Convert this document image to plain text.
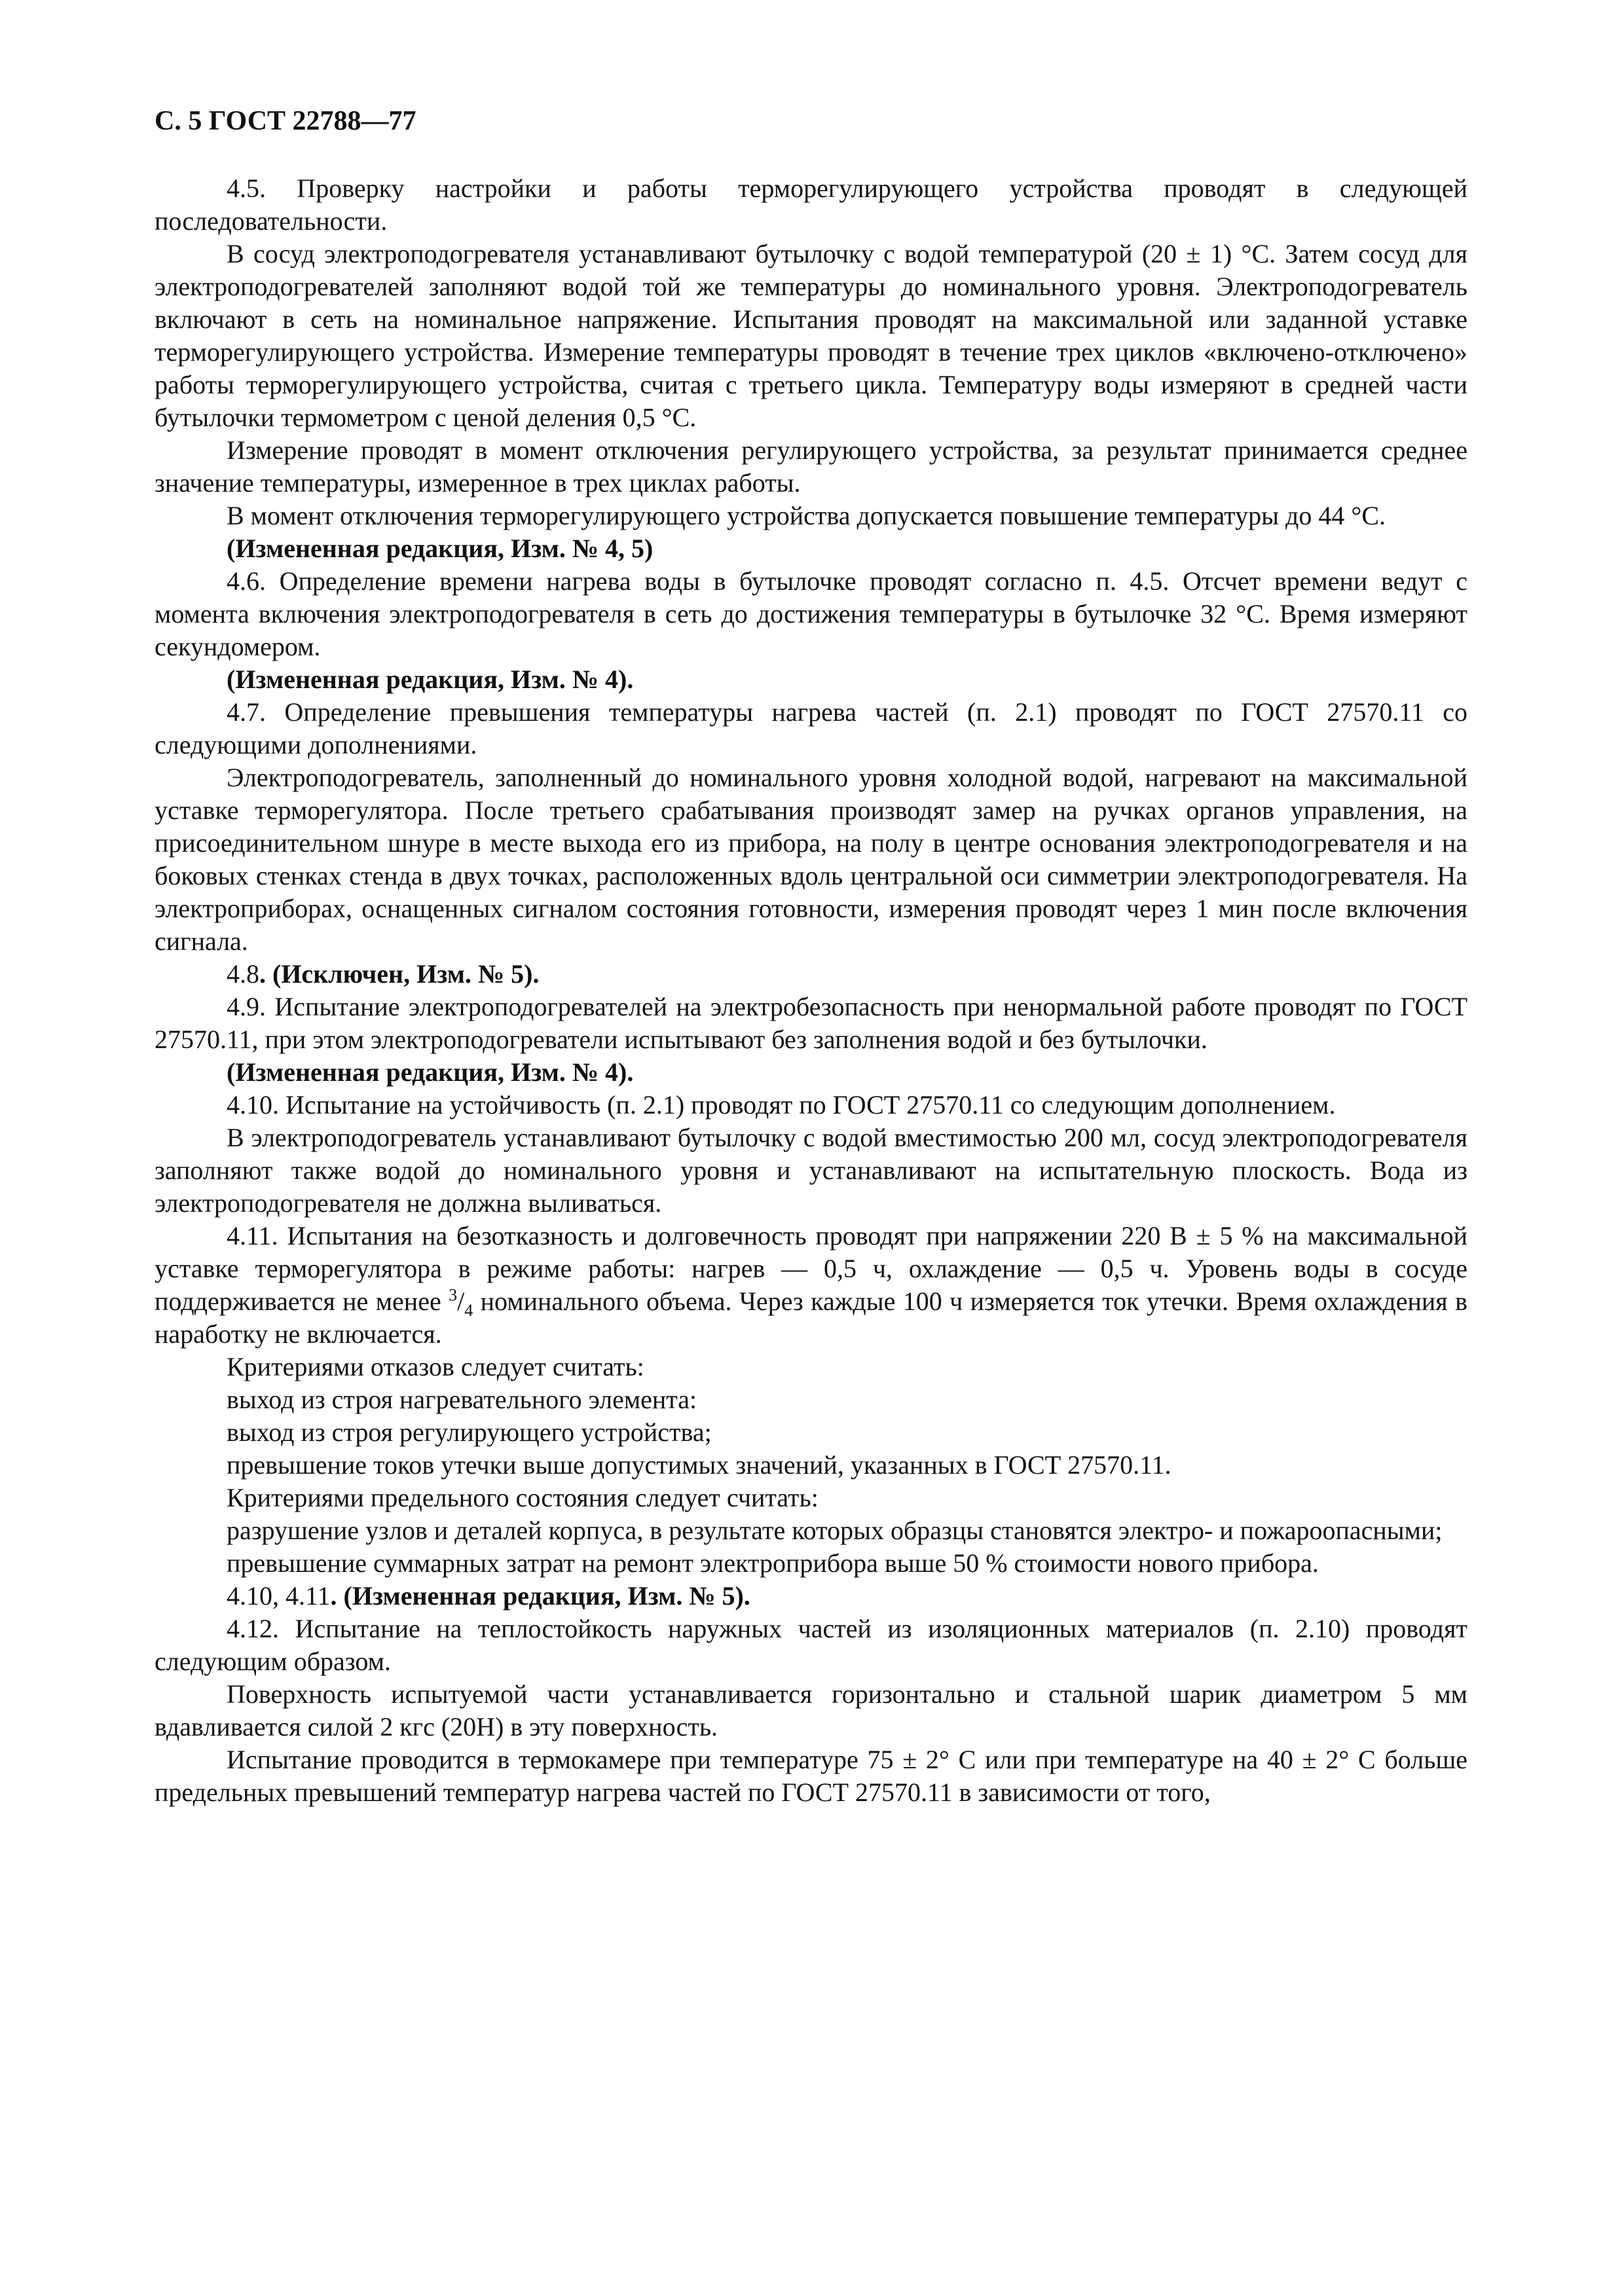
С. 5 ГОСТ 22788—77

4.5. Проверку настройки и работы терморегулирующего устройства проводят в следующей последовательности.

В сосуд электроподогревателя устанавливают бутылочку с водой температурой (20 ± 1) °С. Затем сосуд для электроподогревателей заполняют водой той же температуры до номинального уровня. Электроподогреватель включают в сеть на номинальное напряжение. Испытания проводят на максимальной или заданной уставке терморегулирующего устройства. Измерение температуры проводят в течение трех циклов «включено-отключено» работы терморегулирующего устройства, считая с третьего цикла. Температуру воды измеряют в средней части бутылочки термометром с ценой деления 0,5 °С.

Измерение проводят в момент отключения регулирующего устройства, за результат принимается среднее значение температуры, измеренное в трех циклах работы.

В момент отключения терморегулирующего устройства допускается повышение температуры до 44 °С.

(Измененная редакция, Изм. № 4, 5)

4.6. Определение времени нагрева воды в бутылочке проводят согласно п. 4.5. Отсчет времени ведут с момента включения электроподогревателя в сеть до достижения температуры в бутылочке 32 °С. Время измеряют секундомером.

(Измененная редакция, Изм. № 4).

4.7. Определение превышения температуры нагрева частей (п. 2.1) проводят по ГОСТ 27570.11 со следующими дополнениями.

Электроподогреватель, заполненный до номинального уровня холодной водой, нагревают на максимальной уставке терморегулятора. После третьего срабатывания производят замер на ручках органов управления, на присоединительном шнуре в месте выхода его из прибора, на полу в центре основания электроподогревателя и на боковых стенках стенда в двух точках, расположенных вдоль центральной оси симметрии электроподогревателя. На электроприборах, оснащенных сигналом состояния готовности, измерения проводят через 1 мин после включения сигнала.

4.8. (Исключен, Изм. № 5).

4.9. Испытание электроподогревателей на электробезопасность при ненормальной работе проводят по ГОСТ 27570.11, при этом электроподогреватели испытывают без заполнения водой и без бутылочки.

(Измененная редакция, Изм. № 4).

4.10. Испытание на устойчивость (п. 2.1) проводят по ГОСТ 27570.11 со следующим дополнением.

В электроподогреватель устанавливают бутылочку с водой вместимостью 200 мл, сосуд электроподогревателя заполняют также водой до номинального уровня и устанавливают на испытательную плоскость. Вода из электроподогревателя не должна выливаться.

4.11. Испытания на безотказность и долговечность проводят при напряжении 220 В ± 5 % на максимальной уставке терморегулятора в режиме работы: нагрев — 0,5 ч, охлаждение — 0,5 ч. Уровень воды в сосуде поддерживается не менее $^3/_4$ номинального объема. Через каждые 100 ч измеряется ток утечки. Время охлаждения в наработку не включается.

Критериями отказов следует считать:

выход из строя нагревательного элемента:

выход из строя регулирующего устройства;

превышение токов утечки выше допустимых значений, указанных в ГОСТ 27570.11.

Критериями предельного состояния следует считать:

разрушение узлов и деталей корпуса, в результате которых образцы становятся электро- и пожароопасными;

превышение суммарных затрат на ремонт электроприбора выше 50 % стоимости нового прибора.

4.10, 4.11. (Измененная редакция, Изм. № 5).

4.12. Испытание на теплостойкость наружных частей из изоляционных материалов (п. 2.10) проводят следующим образом.

Поверхность испытуемой части устанавливается горизонтально и стальной шарик диаметром 5 мм вдавливается силой 2 кгс (20Н) в эту поверхность.

Испытание проводится в термокамере при температуре 75 ± 2° С или при температуре на 40 ± 2° С больше предельных превышений температур нагрева частей по ГОСТ 27570.11 в зависимости от того,
